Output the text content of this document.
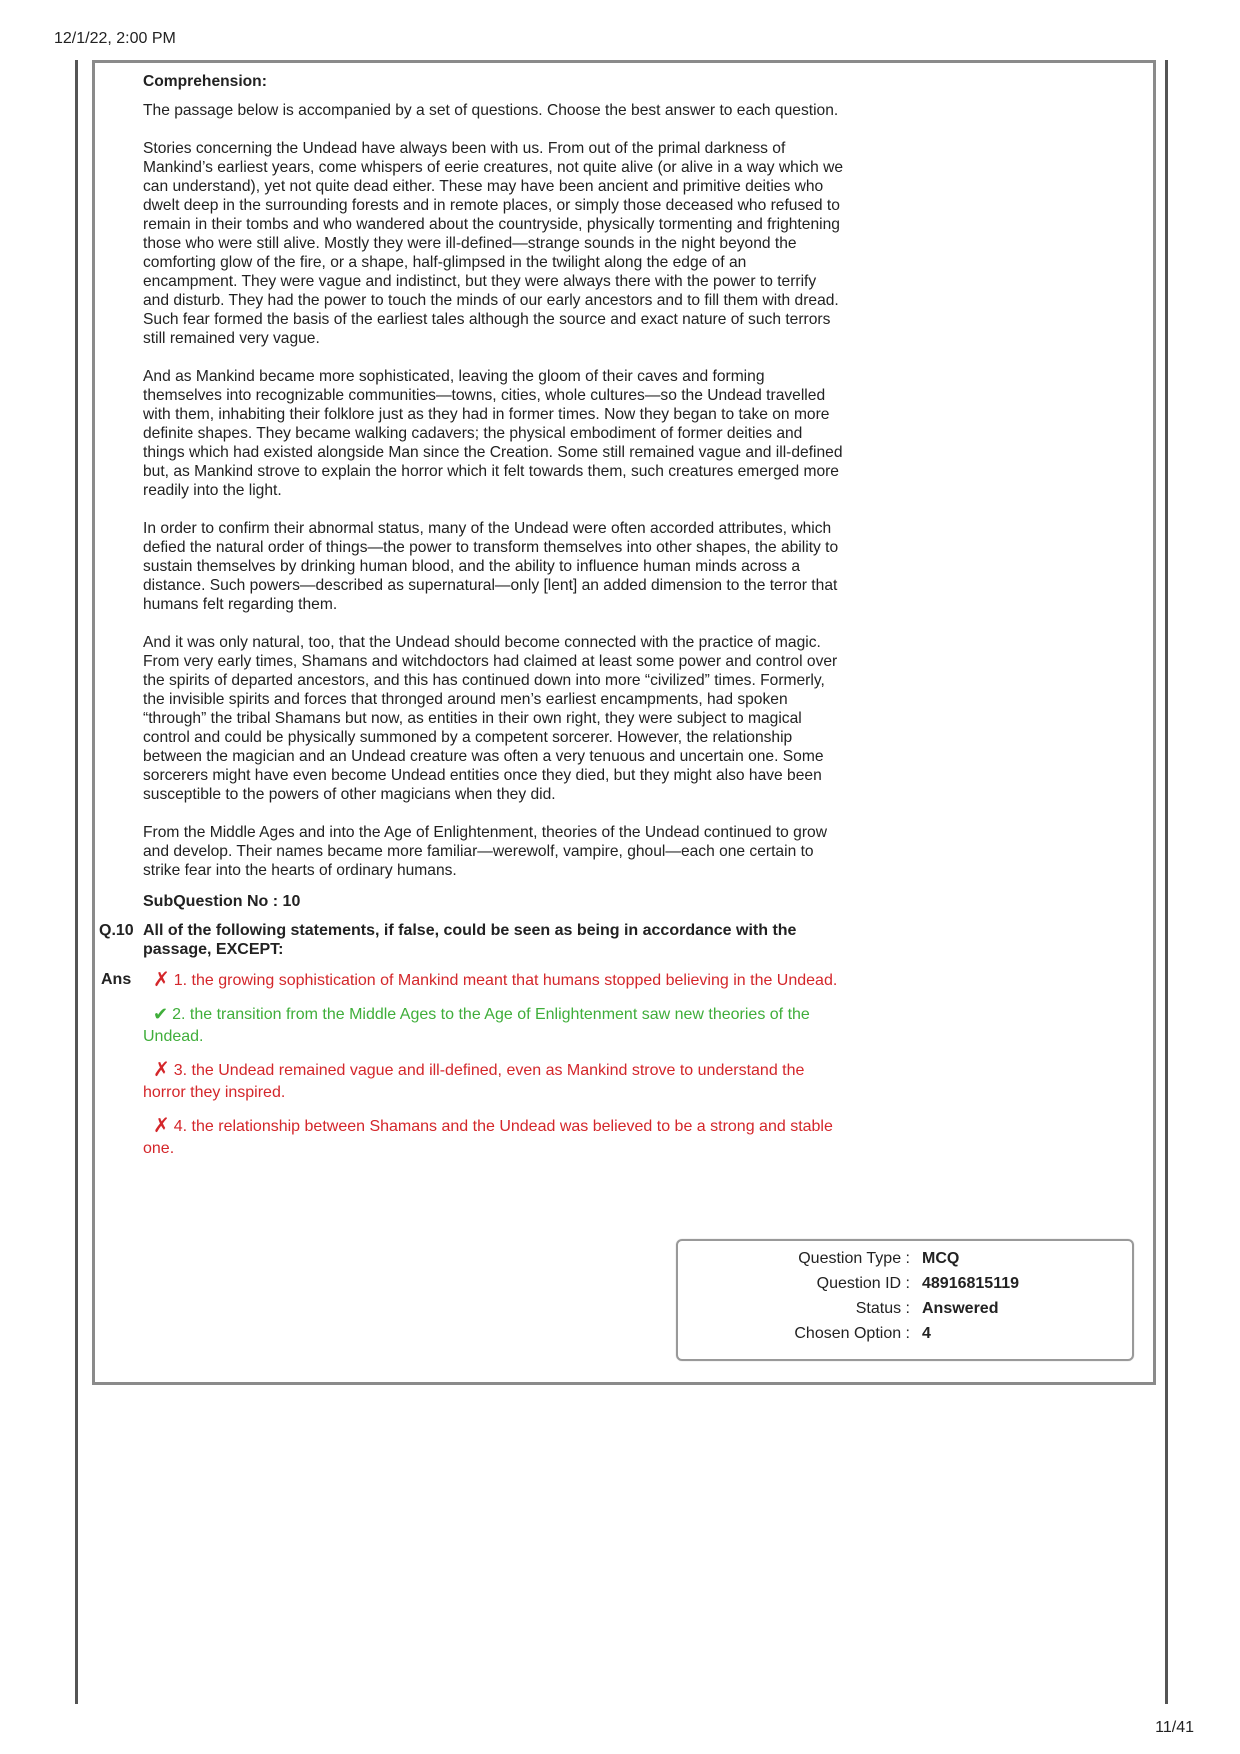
12/1/22, 2:00 PM
Comprehension:
The passage below is accompanied by a set of questions. Choose the best answer to each question.
Stories concerning the Undead have always been with us. From out of the primal darkness of Mankind’s earliest years, come whispers of eerie creatures, not quite alive (or alive in a way which we can understand), yet not quite dead either. These may have been ancient and primitive deities who dwelt deep in the surrounding forests and in remote places, or simply those deceased who refused to remain in their tombs and who wandered about the countryside, physically tormenting and frightening those who were still alive. Mostly they were ill-defined—strange sounds in the night beyond the comforting glow of the fire, or a shape, half-glimpsed in the twilight along the edge of an encampment. They were vague and indistinct, but they were always there with the power to terrify and disturb. They had the power to touch the minds of our early ancestors and to fill them with dread. Such fear formed the basis of the earliest tales although the source and exact nature of such terrors still remained very vague.
And as Mankind became more sophisticated, leaving the gloom of their caves and forming themselves into recognizable communities—towns, cities, whole cultures—so the Undead travelled with them, inhabiting their folklore just as they had in former times. Now they began to take on more definite shapes. They became walking cadavers; the physical embodiment of former deities and things which had existed alongside Man since the Creation. Some still remained vague and ill-defined but, as Mankind strove to explain the horror which it felt towards them, such creatures emerged more readily into the light.
In order to confirm their abnormal status, many of the Undead were often accorded attributes, which defied the natural order of things—the power to transform themselves into other shapes, the ability to sustain themselves by drinking human blood, and the ability to influence human minds across a distance. Such powers—described as supernatural—only [lent] an added dimension to the terror that humans felt regarding them.
And it was only natural, too, that the Undead should become connected with the practice of magic. From very early times, Shamans and witchdoctors had claimed at least some power and control over the spirits of departed ancestors, and this has continued down into more “civilized” times. Formerly, the invisible spirits and forces that thronged around men’s earliest encampments, had spoken “through” the tribal Shamans but now, as entities in their own right, they were subject to magical control and could be physically summoned by a competent sorcerer. However, the relationship between the magician and an Undead creature was often a very tenuous and uncertain one. Some sorcerers might have even become Undead entities once they died, but they might also have been susceptible to the powers of other magicians when they did.
From the Middle Ages and into the Age of Enlightenment, theories of the Undead continued to grow and develop. Their names became more familiar—werewolf, vampire, ghoul—each one certain to strike fear into the hearts of ordinary humans.
SubQuestion No : 10
Q.10 All of the following statements, if false, could be seen as being in accordance with the passage, EXCEPT:
Ans	✗ 1. the growing sophistication of Mankind meant that humans stopped believing in the Undead.
✔ 2. the transition from the Middle Ages to the Age of Enlightenment saw new theories of the Undead.
✗ 3. the Undead remained vague and ill-defined, even as Mankind strove to understand the horror they inspired.
✗ 4. the relationship between Shamans and the Undead was believed to be a strong and stable one.
Question Type : MCQ
Question ID : 48916815119
Status : Answered
Chosen Option : 4
11/41
